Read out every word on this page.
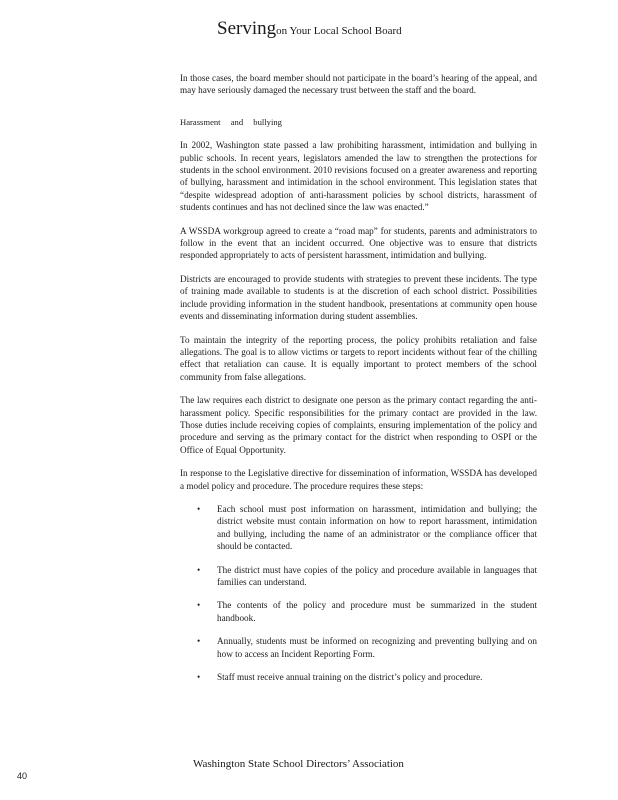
Servingon Your Local School Board

In those cases, the board member should not participate in the board’s hearing of the appeal, and may have seriously damaged the necessary trust between the staff and the board.

Harassment and bullying

In 2002, Washington state passed a law prohibiting harassment, intimidation and bullying in public schools. In recent years, legislators amended the law to strengthen the protections for students in the school environment. 2010 revisions focused on a greater awareness and reporting of bullying, harassment and intimidation in the school environment. This legislation states that “despite widespread adoption of anti-harassment policies by school districts, harassment of students continues and has not declined since the law was enacted.”

A WSSDA workgroup agreed to create a “road map” for students, parents and administrators to follow in the event that an incident occurred. One objective was to ensure that districts responded appropriately to acts of persistent harassment, intimidation and bullying.

Districts are encouraged to provide students with strategies to prevent these incidents. The type of training made available to students is at the discretion of each school district. Possibilities include providing information in the student handbook, presentations at community open house events and disseminating information during student assemblies.

To maintain the integrity of the reporting process, the policy prohibits retaliation and false allegations. The goal is to allow victims or targets to report incidents without fear of the chilling effect that retaliation can cause. It is equally important to protect members of the school community from false allegations.

The law requires each district to designate one person as the primary contact regarding the anti-harassment policy. Specific responsibilities for the primary contact are provided in the law. Those duties include receiving copies of complaints, ensuring implementation of the policy and procedure and serving as the primary contact for the district when responding to OSPI or the Office of Equal Opportunity.

In response to the Legislative directive for dissemination of information, WSSDA has developed a model policy and procedure. The procedure requires these steps:

• Each school must post information on harassment, intimidation and bullying; the district website must contain information on how to report harassment, intimidation and bullying, including the name of an administrator or the compliance officer that should be contacted.
• The district must have copies of the policy and procedure available in languages that families can understand.
• The contents of the policy and procedure must be summarized in the student handbook.
• Annually, students must be informed on recognizing and preventing bullying and on how to access an Incident Reporting Form.
• Staff must receive annual training on the district’s policy and procedure.
Washington State School Directors’ Association
40
